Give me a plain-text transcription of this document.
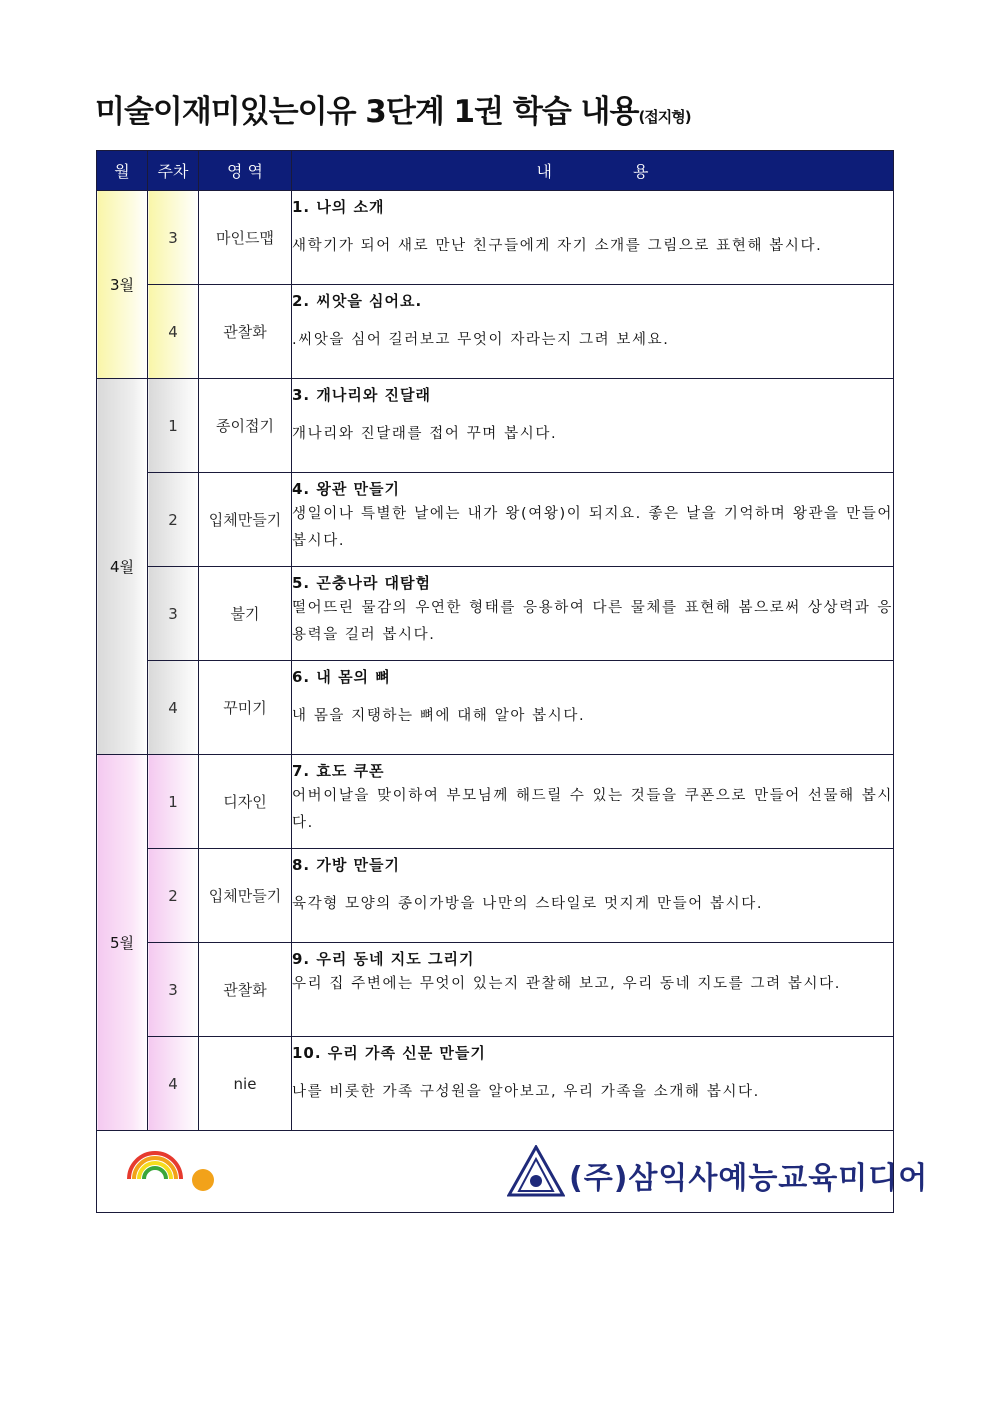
미술이재미있는이유 3단계 1권 학습 내용(접지형)
월	주차	영 역	내 용
3월	3	마인드맵	1. 나의 소개
새학기가 되어 새로 만난 친구들에게 자기 소개를 그림으로 표현해 봅시다.

	4	관찰화	2. 씨앗을 심어요.
.씨앗을 심어 길러보고 무엇이 자라는지 그려 보세요.

4월	1	종이접기	3. 개나리와 진달래
개나리와 진달래를 접어 꾸며 봅시다.

	2	입체만들기	4. 왕관 만들기
생일이나 특별한 날에는 내가 왕(여왕)이 되지요. 좋은 날을 기억하며 왕관을 만들어 봅시다.

	3	불기	5. 곤충나라 대탐험
떨어뜨린 물감의 우연한 형태를 응용하여 다른 물체를 표현해 봄으로써 상상력과 응용력을 길러 봅시다.

	4	꾸미기	6. 내 몸의 뼈
내 몸을 지탱하는 뼈에 대해 알아 봅시다.

5월	1	디자인	7. 효도 쿠폰
어버이날을 맞이하여 부모님께 해드릴 수 있는 것들을 쿠폰으로 만들어 선물해 봅시다.

	2	입체만들기	8. 가방 만들기
육각형 모양의 종이가방을 나만의 스타일로 멋지게 만들어 봅시다.

	3	관찰화	9. 우리 동네 지도 그리기
우리 집 주변에는 무엇이 있는지 관찰해 보고, 우리 동네 지도를 그려 봅시다.

	4	nie	10. 우리 가족 신문 만들기
나를 비롯한 가족 구성원을 알아보고, 우리 가족을 소개해 봅시다.

(주)삼익사예능교육미디어			
